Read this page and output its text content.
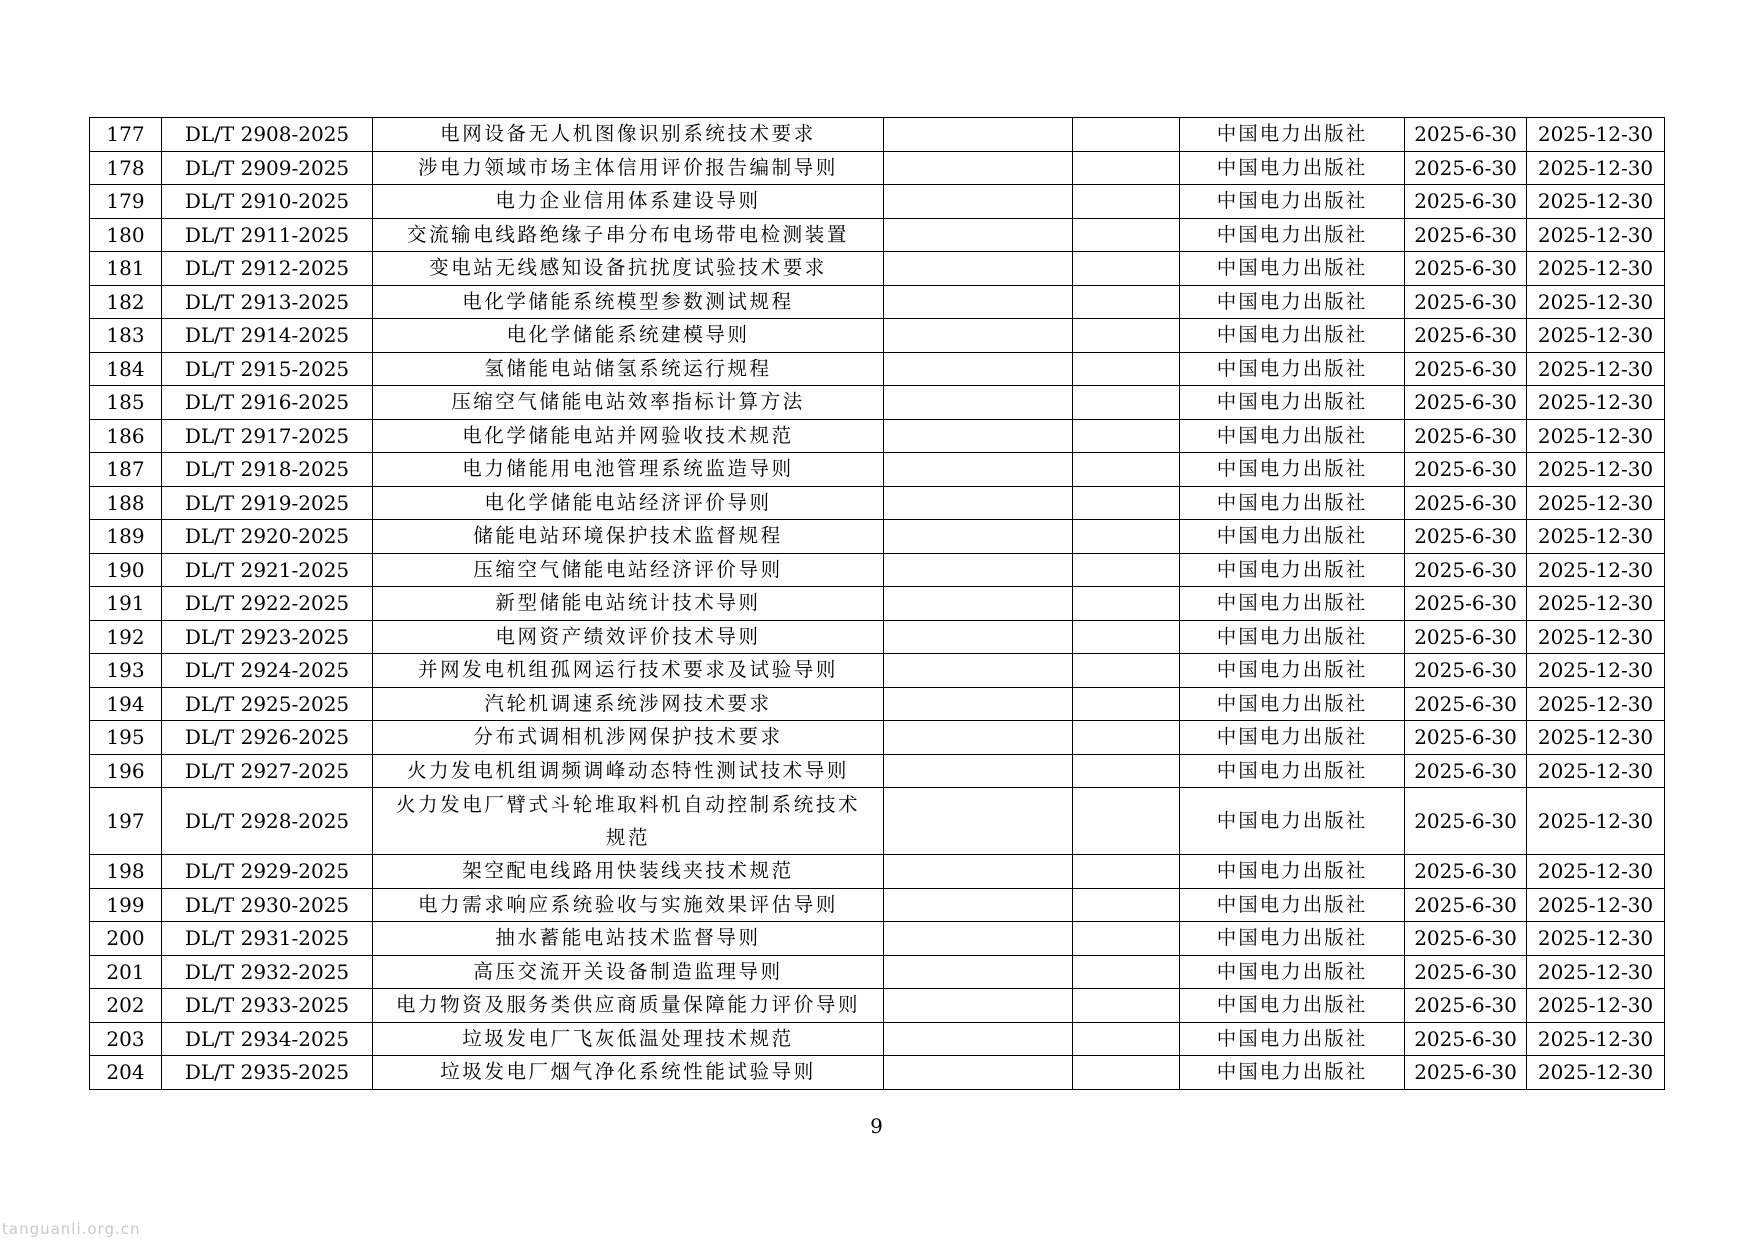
177	DL/T 2908-2025	电网设备无人机图像识别系统技术要求			中国电力出版社	2025-6-30	2025-12-30
178	DL/T 2909-2025	涉电力领域市场主体信用评价报告编制导则			中国电力出版社	2025-6-30	2025-12-30
179	DL/T 2910-2025	电力企业信用体系建设导则			中国电力出版社	2025-6-30	2025-12-30
180	DL/T 2911-2025	交流输电线路绝缘子串分布电场带电检测装置			中国电力出版社	2025-6-30	2025-12-30
181	DL/T 2912-2025	变电站无线感知设备抗扰度试验技术要求			中国电力出版社	2025-6-30	2025-12-30
182	DL/T 2913-2025	电化学储能系统模型参数测试规程			中国电力出版社	2025-6-30	2025-12-30
183	DL/T 2914-2025	电化学储能系统建模导则			中国电力出版社	2025-6-30	2025-12-30
184	DL/T 2915-2025	氢储能电站储氢系统运行规程			中国电力出版社	2025-6-30	2025-12-30
185	DL/T 2916-2025	压缩空气储能电站效率指标计算方法			中国电力出版社	2025-6-30	2025-12-30
186	DL/T 2917-2025	电化学储能电站并网验收技术规范			中国电力出版社	2025-6-30	2025-12-30
187	DL/T 2918-2025	电力储能用电池管理系统监造导则			中国电力出版社	2025-6-30	2025-12-30
188	DL/T 2919-2025	电化学储能电站经济评价导则			中国电力出版社	2025-6-30	2025-12-30
189	DL/T 2920-2025	储能电站环境保护技术监督规程			中国电力出版社	2025-6-30	2025-12-30
190	DL/T 2921-2025	压缩空气储能电站经济评价导则			中国电力出版社	2025-6-30	2025-12-30
191	DL/T 2922-2025	新型储能电站统计技术导则			中国电力出版社	2025-6-30	2025-12-30
192	DL/T 2923-2025	电网资产绩效评价技术导则			中国电力出版社	2025-6-30	2025-12-30
193	DL/T 2924-2025	并网发电机组孤网运行技术要求及试验导则			中国电力出版社	2025-6-30	2025-12-30
194	DL/T 2925-2025	汽轮机调速系统涉网技术要求			中国电力出版社	2025-6-30	2025-12-30
195	DL/T 2926-2025	分布式调相机涉网保护技术要求			中国电力出版社	2025-6-30	2025-12-30
196	DL/T 2927-2025	火力发电机组调频调峰动态特性测试技术导则			中国电力出版社	2025-6-30	2025-12-30
197	DL/T 2928-2025	火力发电厂臂式斗轮堆取料机自动控制系统技术规范			中国电力出版社	2025-6-30	2025-12-30
198	DL/T 2929-2025	架空配电线路用快装线夹技术规范			中国电力出版社	2025-6-30	2025-12-30
199	DL/T 2930-2025	电力需求响应系统验收与实施效果评估导则			中国电力出版社	2025-6-30	2025-12-30
200	DL/T 2931-2025	抽水蓄能电站技术监督导则			中国电力出版社	2025-6-30	2025-12-30
201	DL/T 2932-2025	高压交流开关设备制造监理导则			中国电力出版社	2025-6-30	2025-12-30
202	DL/T 2933-2025	电力物资及服务类供应商质量保障能力评价导则			中国电力出版社	2025-6-30	2025-12-30
203	DL/T 2934-2025	垃圾发电厂飞灰低温处理技术规范			中国电力出版社	2025-6-30	2025-12-30
204	DL/T 2935-2025	垃圾发电厂烟气净化系统性能试验导则			中国电力出版社	2025-6-30	2025-12-30
9
tanguanli.org.cn
